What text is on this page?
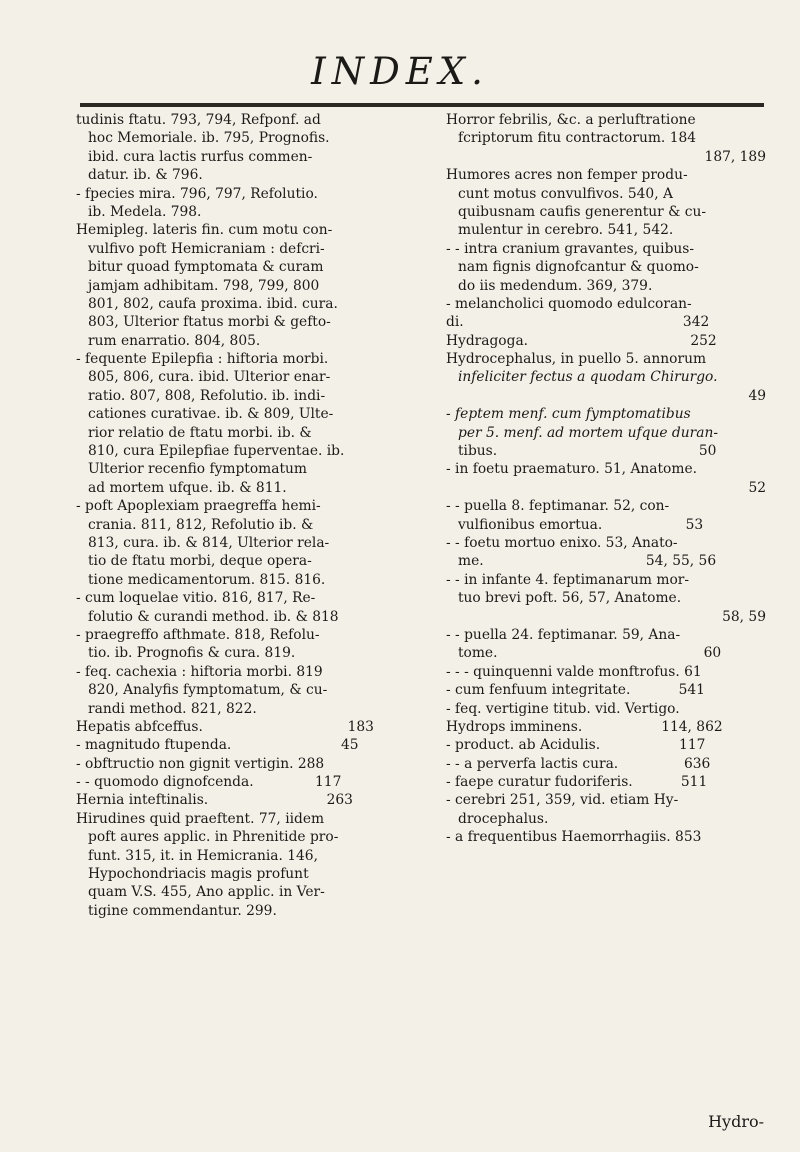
INDEX.
tudinis ftatu. 793, 794, Refponf. ad
hoc Memoriale. ib. 795, Prognofis.
ibid. cura lactis rurfus commen-
datur. ib. & 796.
- fpecies mira. 796, 797, Refolutio.
ib. Medela. 798.
Hemipleg. lateris fin. cum motu con-
vulfivo poft Hemicraniam : defcri-
bitur quoad fymptomata & curam
jamjam adhibitam. 798, 799, 800
801, 802, caufa proxima. ibid. cura.
803, Ulterior ftatus morbi & gefto-
rum enarratio. 804, 805.
- fequente Epilepfia : hiftoria morbi.
805, 806, cura. ibid. Ulterior enar-
ratio. 807, 808, Refolutio. ib. indi-
cationes curativae. ib. & 809, Ulte-
rior relatio de ftatu morbi. ib. &
810, cura Epilepfiae fuperventae. ib.
Ulterior recenfio fymptomatum
ad mortem ufque. ib. & 811.
- poft Apoplexiam praegreffa hemi-
crania. 811, 812, Refolutio ib. &
813, cura. ib. & 814, Ulterior rela-
tio de ftatu morbi, deque opera-
tione medicamentorum. 815. 816.
- cum loquelae vitio. 816, 817, Re-
folutio & curandi method. ib. & 818
- praegreffo afthmate. 818, Refolu-
tio. ib. Prognofis & cura. 819.
- feq. cachexia : hiftoria morbi. 819
820, Analyfis fymptomatum, & cu-
randi method. 821, 822.
Hepatis abfceffus.                                 183
- magnitudo ftupenda.                         45
- obftructio non gignit vertigin. 288
- - quomodo dignofcenda.              117
Hernia inteftinalis.                           263
Hirudines quid praeftent. 77, iidem
poft aures applic. in Phrenitide pro-
funt. 315, it. in Hemicrania. 146,
Hypochondriacis magis profunt
quam V.S. 455, Ano applic. in Ver-
tigine commendantur. 299.
Horror febrilis, &c. a perluftratione
fcriptorum fitu contractorum. 184
187, 189
Humores acres non femper produ-
cunt motus convulfivos. 540, A
quibusnam caufis generentur & cu-
mulentur in cerebro. 541, 542.
- - intra cranium gravantes, quibus-
nam fignis dignofcantur & quomo-
do iis medendum. 369, 379.
- melancholici quomodo edulcoran-
di.                                                  342
Hydragoga.                                     252
Hydrocephalus, in puello 5. annorum
infeliciter fectus a quodam Chirurgo.
49
- feptem menf. cum fymptomatibus
per 5. menf. ad mortem ufque duran-
tibus.                                              50
- in foetu praematuro. 51, Anatome.
52
- - puella 8. feptimanar. 52, con-
vulfionibus emortua.                   53
- - foetu mortuo enixo. 53, Anato-
me.                                     54, 55, 56
- - in infante 4. feptimanarum mor-
tuo brevi poft. 56, 57, Anatome.
58, 59
- - puella 24. feptimanar. 59, Ana-
tome.                                               60
- - - quinquenni valde monftrofus. 61
- cum fenfuum integritate.           541
- feq. vertigine titub. vid. Vertigo.
Hydrops imminens.                  114, 862
- product. ab Acidulis.                  117
- - a perverfa lactis cura.               636
- faepe curatur fudoriferis.           511
- cerebri 251, 359, vid. etiam Hy-
drocephalus.
- a frequentibus Haemorrhagiis. 853
Hydro-
